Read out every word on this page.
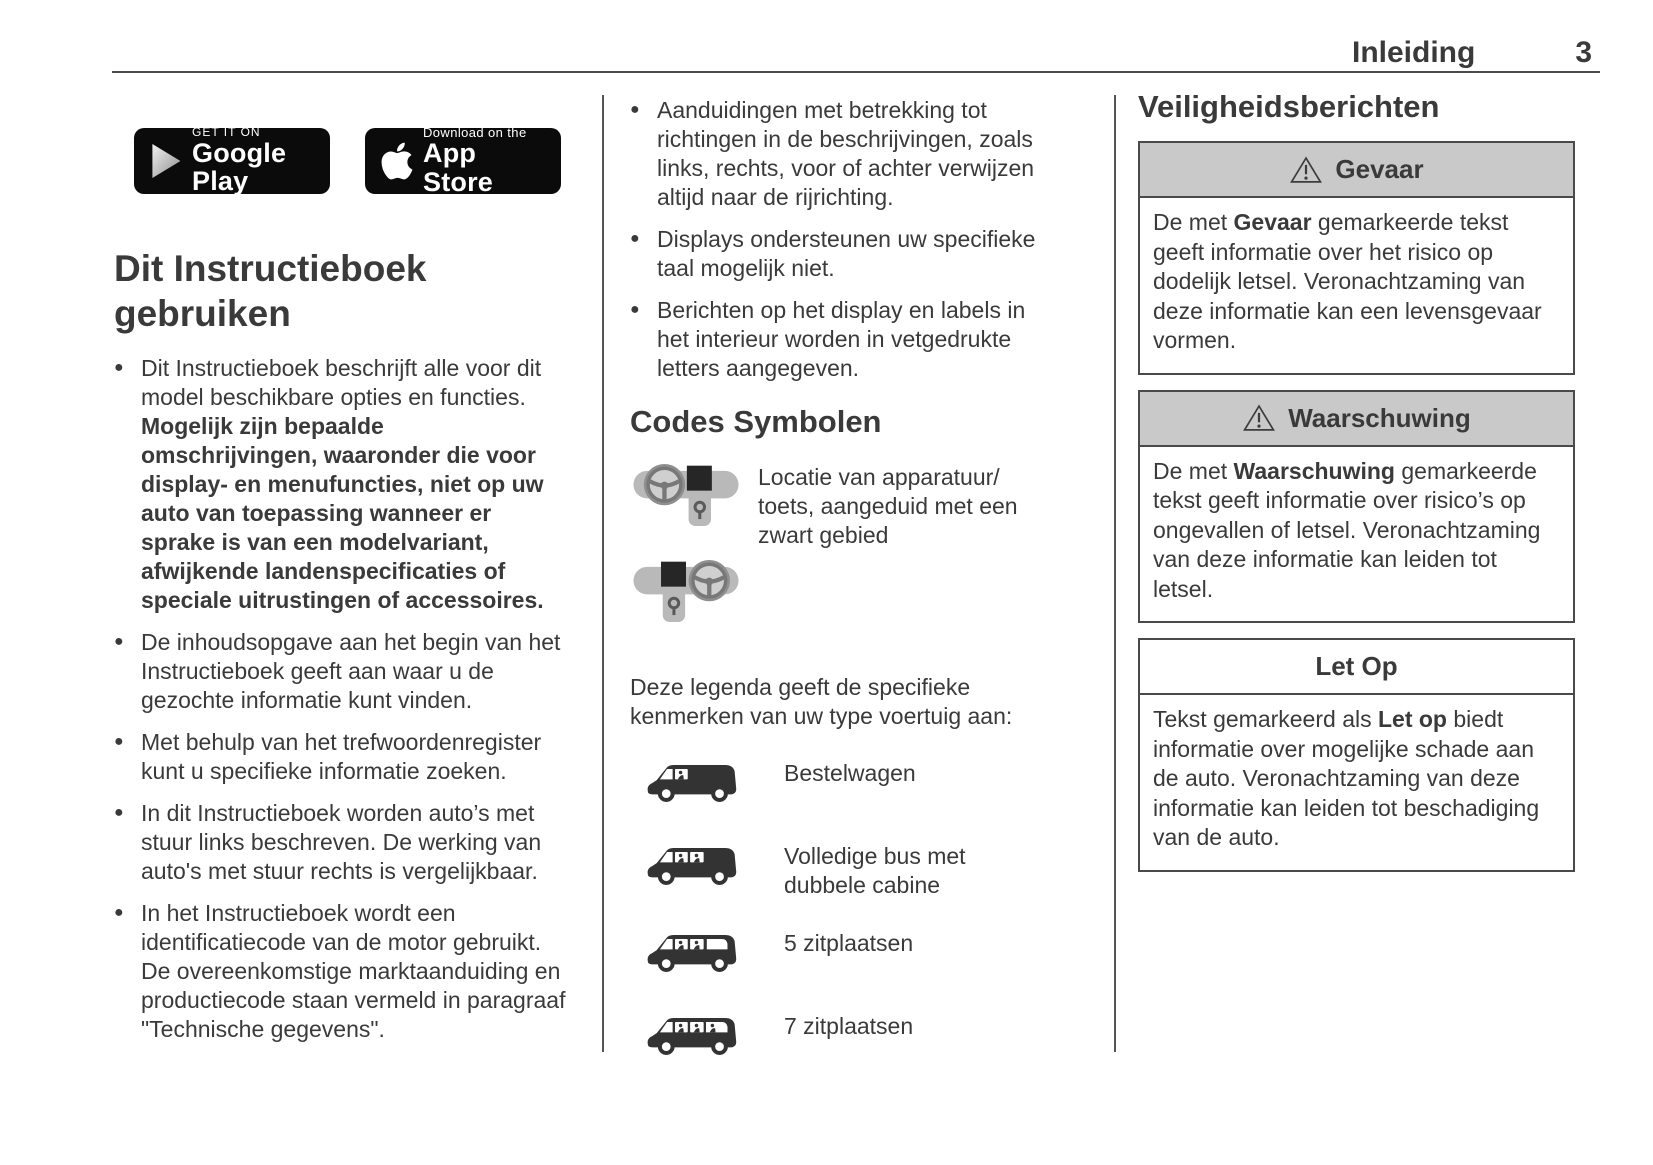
Inleiding	3
GET IT ON
Google Play
Download on the
App Store
Dit Instructieboek gebruiken
● Dit Instructieboek beschrijft alle voor dit model beschikbare opties en functies. Mogelijk zijn bepaalde omschrijvingen, waaronder die voor display- en menufuncties, niet op uw auto van toepassing wanneer er sprake is van een modelvariant, afwijkende landenspecificaties of speciale uitrustingen of accessoires.
● De inhoudsopgave aan het begin van het Instructieboek geeft aan waar u de gezochte informatie kunt vinden.
● Met behulp van het trefwoordenregister kunt u specifieke informatie zoeken.
● In dit Instructieboek worden auto’s met stuur links beschreven. De werking van auto's met stuur rechts is vergelijkbaar.
● In het Instructieboek wordt een identificatiecode van de motor gebruikt. De overeenkomstige marktaanduiding en productiecode staan vermeld in paragraaf "Technische gegevens".
● Aanduidingen met betrekking tot richtingen in de beschrijvingen, zoals links, rechts, voor of achter verwijzen altijd naar de rijrichting.
● Displays ondersteunen uw specifieke taal mogelijk niet.
● Berichten op het display en labels in het interieur worden in vetgedrukte letters aangegeven.
Codes Symbolen
Locatie van apparatuur/ toets, aangeduid met een zwart gebied
Deze legenda geeft de specifieke kenmerken van uw type voertuig aan:
Bestelwagen
Volledige bus met dubbele cabine
5 zitplaatsen
7 zitplaatsen
Veiligheidsberichten
Gevaar
De met Gevaar gemarkeerde tekst geeft informatie over het risico op dodelijk letsel. Veronachtzaming van deze informatie kan een levensgevaar vormen.
Waarschuwing
De met Waarschuwing gemarkeerde tekst geeft informatie over risico’s op ongevallen of letsel. Veronachtzaming van deze informatie kan leiden tot letsel.
Let Op
Tekst gemarkeerd als Let op biedt informatie over mogelijke schade aan de auto. Veronachtzaming van deze informatie kan leiden tot beschadiging van de auto.
